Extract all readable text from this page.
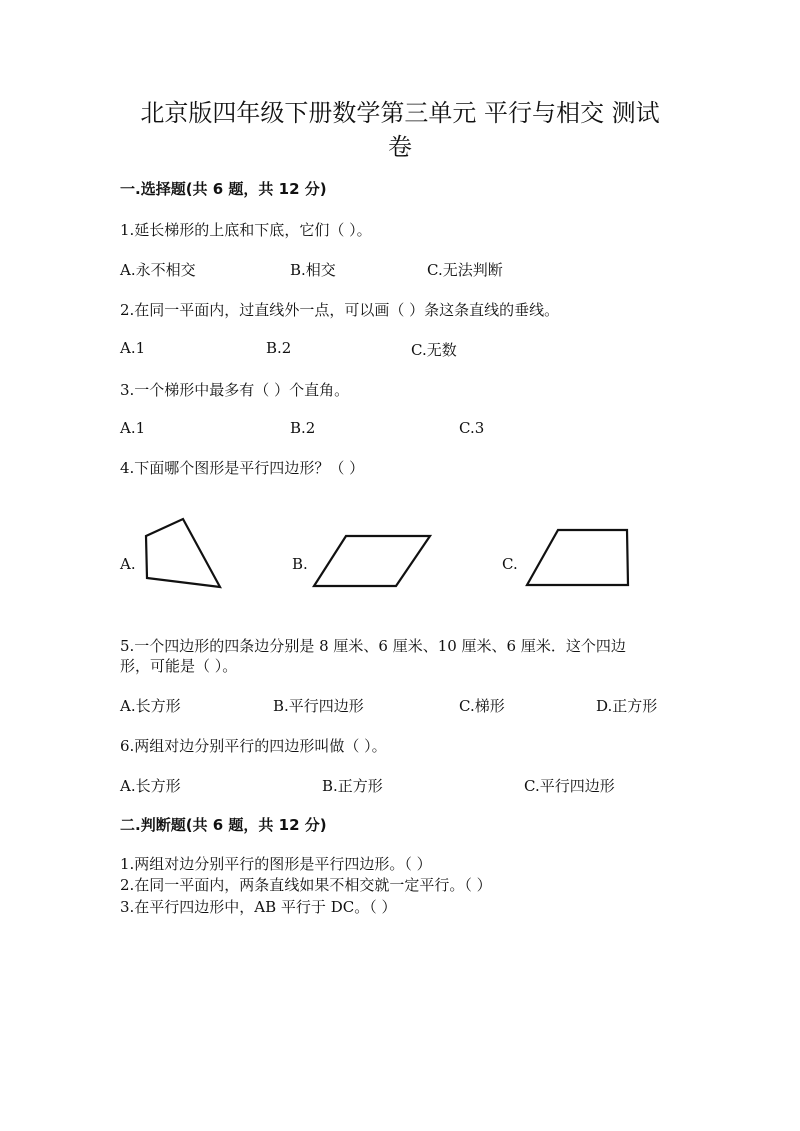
北京版四年级下册数学第三单元 平行与相交 测试
卷
一.选择题(共 6 题，共 12 分)
1.延长梯形的上底和下底，它们（ ）。
A.永不相交	B.相交	C.无法判断
2.在同一平面内，过直线外一点，可以画（ ）条这条直线的垂线。
A.1	B.2	C.无数
3.一个梯形中最多有（ ）个直角。
A.1	B.2	C.3
4.下面哪个图形是平行四边形？（ ）
A.	B.	C.
5.一个四边形的四条边分别是 8 厘米、6 厘米、10 厘米、6 厘米．这个四边
形，可能是（ ）。
A.长方形	B.平行四边形	C.梯形	D.正方形
6.两组对边分别平行的四边形叫做（ ）。
A.长方形	B.正方形	C.平行四边形
二.判断题(共 6 题，共 12 分)
1.两组对边分别平行的图形是平行四边形。（ ）
2.在同一平面内，两条直线如果不相交就一定平行。（ ）
3.在平行四边形中，AB 平行于 DC。（ ）
